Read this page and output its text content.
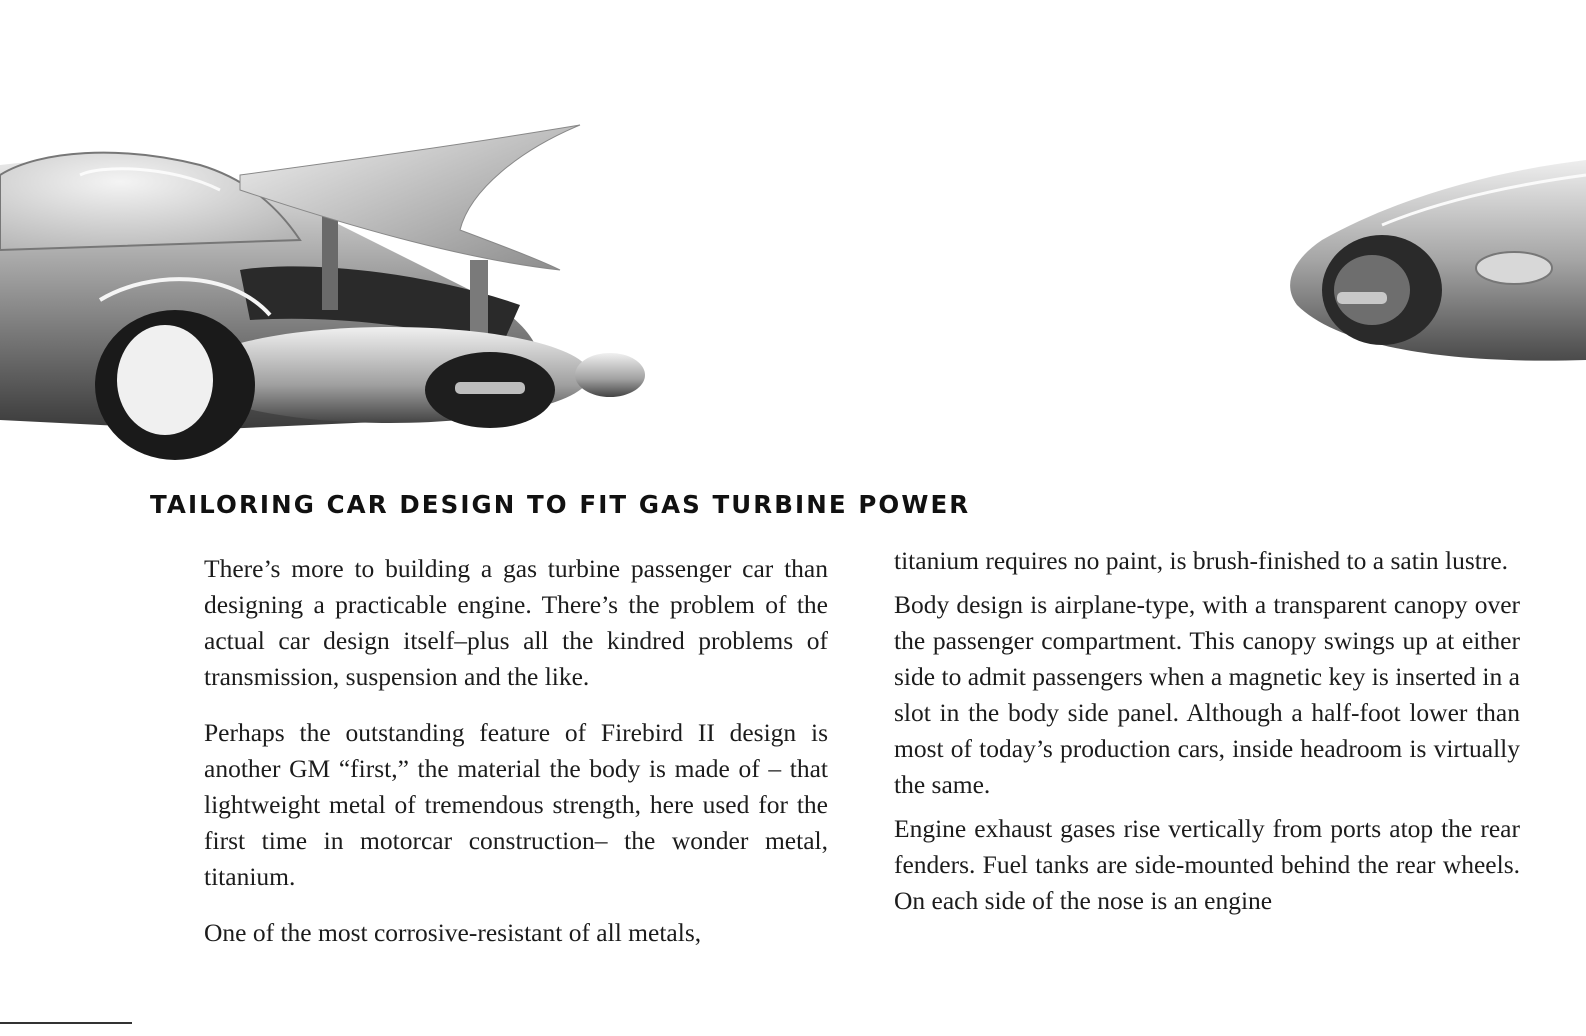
TAILORING CAR DESIGN TO FIT GAS TURBINE POWER

There’s more to building a gas turbine passenger car than designing a practicable engine. There’s the problem of the actual car design itself–plus all the kindred problems of transmission, suspension and the like.

Perhaps the outstanding feature of Firebird II design is another GM “first,” the material the body is made of – that lightweight metal of tremendous strength, here used for the first time in motorcar construction– the wonder metal, titanium.

One of the most corrosive-resistant of all metals,

titanium requires no paint, is brush-finished to a satin lustre.

Body design is airplane-type, with a transparent canopy over the passenger compartment. This canopy swings up at either side to admit passengers when a magnetic key is inserted in a slot in the body side panel. Although a half-foot lower than most of today’s production cars, inside headroom is virtually the same.

Engine exhaust gases rise vertically from ports atop the rear fenders. Fuel tanks are side-mounted behind the rear wheels. On each side of the nose is an engine
